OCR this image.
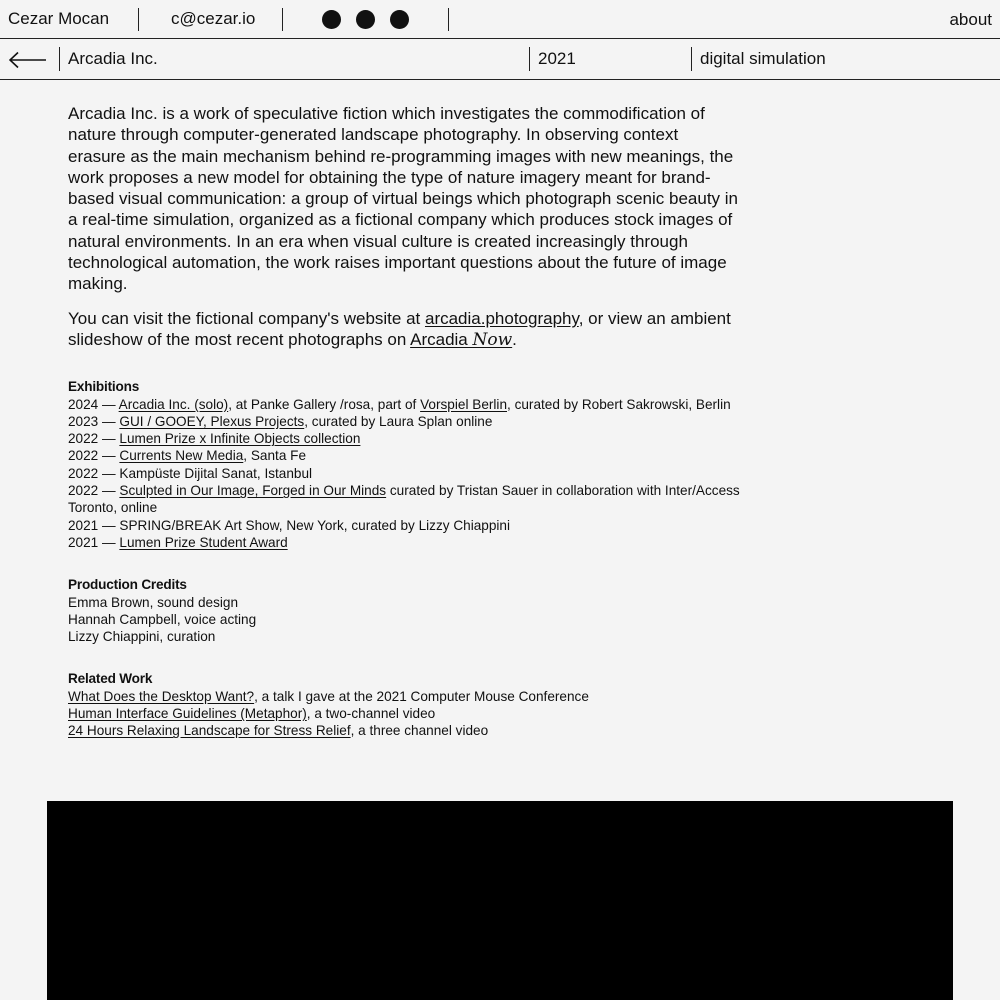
Cezar Mocan	c@cezar.io	about
Arcadia Inc.	2021	digital simulation

Arcadia Inc. is a work of speculative fiction which investigates the commodification of nature through computer-generated landscape photography. In observing context erasure as the main mechanism behind re-programming images with new meanings, the work proposes a new model for obtaining the type of nature imagery meant for brand-based visual communication: a group of virtual beings which photograph scenic beauty in a real-time simulation, organized as a fictional company which produces stock images of natural environments. In an era when visual culture is created increasingly through technological automation, the work raises important questions about the future of image making.

You can visit the fictional company's website at arcadia.photography, or view an ambient slideshow of the most recent photographs on Arcadia Now.

Exhibitions

2024 — Arcadia Inc. (solo), at Panke Gallery /rosa, part of Vorspiel Berlin, curated by Robert Sakrowski, Berlin

2023 — GUI / GOOEY, Plexus Projects, curated by Laura Splan online

2022 — Lumen Prize x Infinite Objects collection

2022 — Currents New Media, Santa Fe

2022 — Kampüste Dijital Sanat, Istanbul

2022 — Sculpted in Our Image, Forged in Our Minds curated by Tristan Sauer in collaboration with Inter/Access Toronto, online

2021 — SPRING/BREAK Art Show, New York, curated by Lizzy Chiappini

2021 — Lumen Prize Student Award

Production Credits

Emma Brown, sound design

Hannah Campbell, voice acting

Lizzy Chiappini, curation

Related Work

What Does the Desktop Want?, a talk I gave at the 2021 Computer Mouse Conference

Human Interface Guidelines (Metaphor), a two-channel video

24 Hours Relaxing Landscape for Stress Relief, a three channel video
